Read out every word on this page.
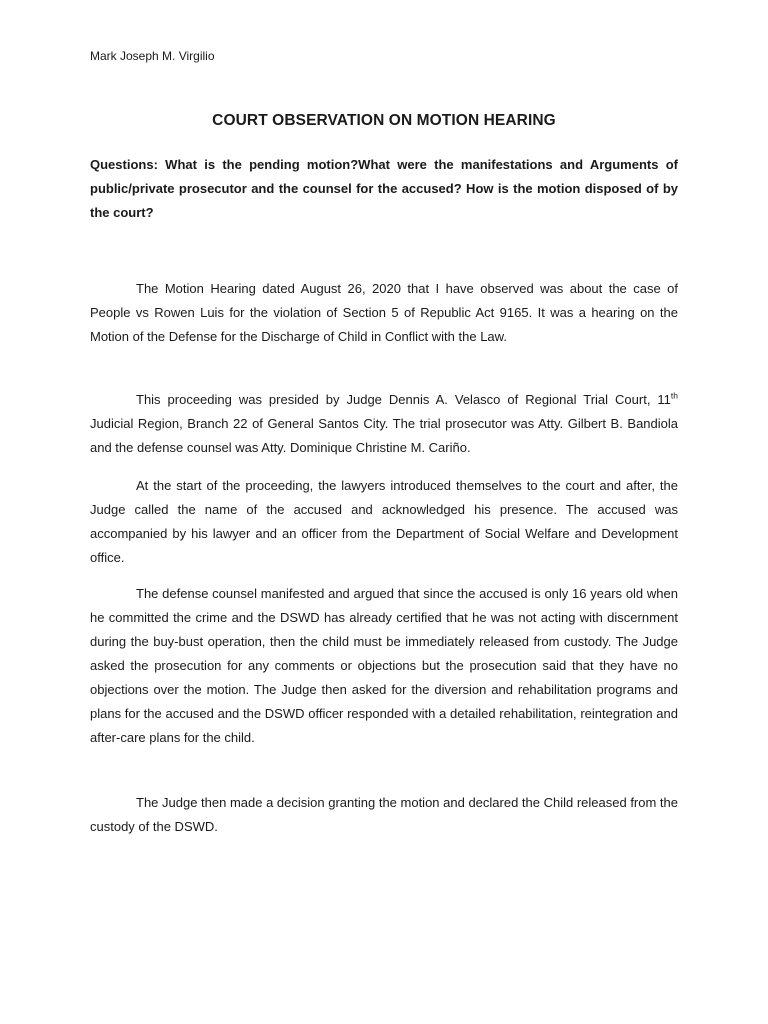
Mark Joseph M. Virgilio
COURT OBSERVATION ON MOTION HEARING
Questions: What is the pending motion?What were the manifestations and Arguments of public/private prosecutor and the counsel for the accused? How is the motion disposed of by the court?
The Motion Hearing dated August 26, 2020 that I have observed was about the case of People vs Rowen Luis for the violation of Section 5 of Republic Act 9165. It was a hearing on the Motion of the Defense for the Discharge of Child in Conflict with the Law.
This proceeding was presided by Judge Dennis A. Velasco of Regional Trial Court, 11th Judicial Region, Branch 22 of General Santos City. The trial prosecutor was Atty. Gilbert B. Bandiola and the defense counsel was Atty. Dominique Christine M. Cariño.
At the start of the proceeding, the lawyers introduced themselves to the court and after, the Judge called the name of the accused and acknowledged his presence. The accused was accompanied by his lawyer and an officer from the Department of Social Welfare and Development office.
The defense counsel manifested and argued that since the accused is only 16 years old when he committed the crime and the DSWD has already certified that he was not acting with discernment during the buy-bust operation, then the child must be immediately released from custody. The Judge asked the prosecution for any comments or objections but the prosecution said that they have no objections over the motion. The Judge then asked for the diversion and rehabilitation programs and plans for the accused and the DSWD officer responded with a detailed rehabilitation, reintegration and after-care plans for the child.
The Judge then made a decision granting the motion and declared the Child released from the custody of the DSWD.
